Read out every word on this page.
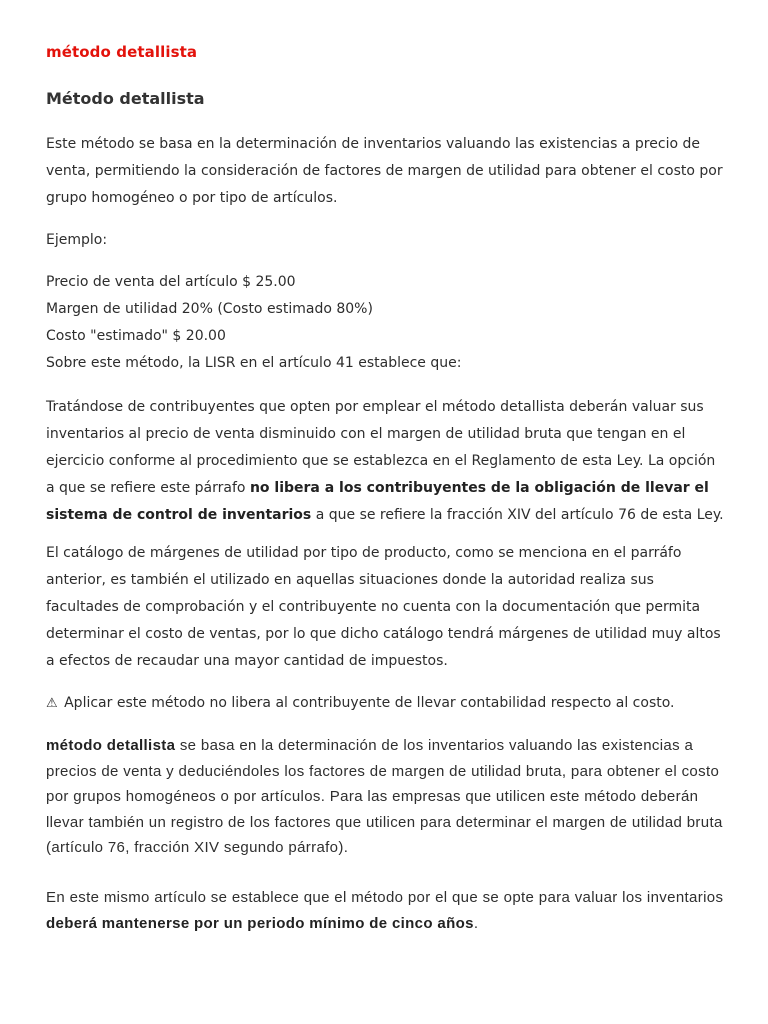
método detallista
Método detallista

Este método se basa en la determinación de inventarios valuando las existencias a precio de venta, permitiendo la consideración de factores de margen de utilidad para obtener el costo por grupo homogéneo o por tipo de artículos.

Ejemplo:

Precio de venta del artículo $ 25.00

Margen de utilidad 20% (Costo estimado 80%)

Costo "estimado" $ 20.00

Sobre este método, la LISR en el artículo 41 establece que:

Tratándose de contribuyentes que opten por emplear el método detallista deberán valuar sus inventarios al precio de venta disminuido con el margen de utilidad bruta que tengan en el ejercicio conforme al procedimiento que se establezca en el Reglamento de esta Ley. La opción a que se refiere este párrafo no libera a los contribuyentes de la obligación de llevar el sistema de control de inventarios a que se refiere la fracción XIV del artículo 76 de esta Ley.

El catálogo de márgenes de utilidad por tipo de producto, como se menciona en el parráfo anterior, es también el utilizado en aquellas situaciones donde la autoridad realiza sus facultades de comprobación y el contribuyente no cuenta con la documentación que permita determinar el costo de ventas, por lo que dicho catálogo tendrá márgenes de utilidad muy altos a efectos de recaudar una mayor cantidad de impuestos.

⚠ Aplicar este método no libera al contribuyente de llevar contabilidad respecto al costo.

método detallista se basa en la determinación de los inventarios valuando las existencias a precios de venta y deduciéndoles los factores de margen de utilidad bruta, para obtener el costo por grupos homogéneos o por artículos. Para las empresas que utilicen este método deberán llevar también un registro de los factores que utilicen para determinar el margen de utilidad bruta (artículo 76, fracción XIV segundo párrafo).

En este mismo artículo se establece que el método por el que se opte para valuar los inventarios deberá mantenerse por un periodo mínimo de cinco años.
